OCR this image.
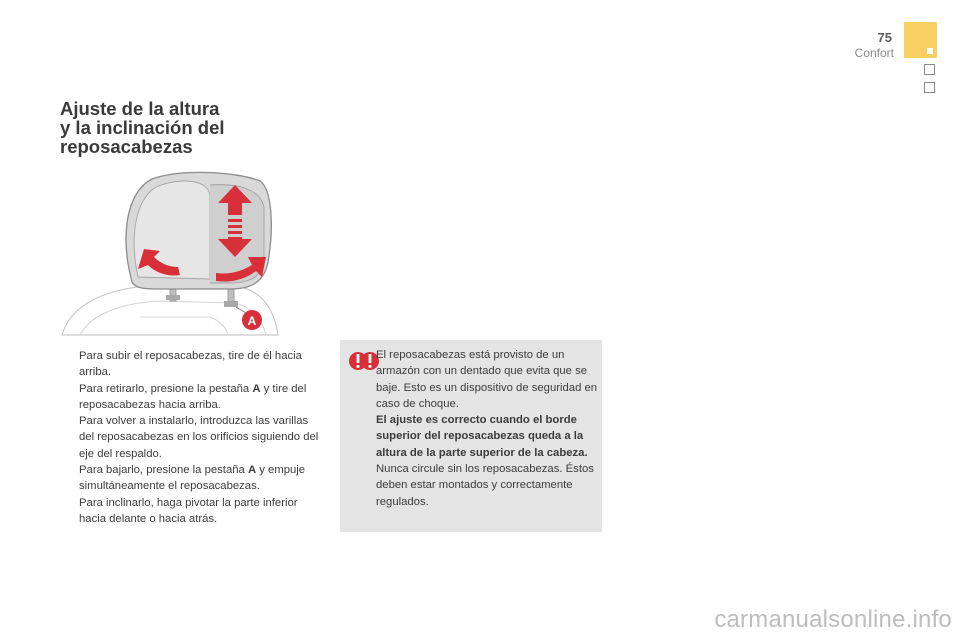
75
Confort
Ajuste de la altura
y la inclinación del
reposacabezas
A
Para subir el reposacabezas, tire de él hacia arriba.
Para retirarlo, presione la pestaña A y tire del reposacabezas hacia arriba.
Para volver a instalarlo, introduzca las varillas del reposacabezas en los orificios siguiendo del eje del respaldo.
Para bajarlo, presione la pestaña A y empuje simultáneamente el reposacabezas.
Para inclinarlo, haga pivotar la parte inferior hacia delante o hacia atrás.
El reposacabezas está provisto de un armazón con un dentado que evita que se baje. Esto es un dispositivo de seguridad en caso de choque.
El ajuste es correcto cuando el borde superior del reposacabezas queda a la altura de la parte superior de la cabeza.
Nunca circule sin los reposacabezas. Éstos deben estar montados y correctamente regulados.
carmanualsonline.info
